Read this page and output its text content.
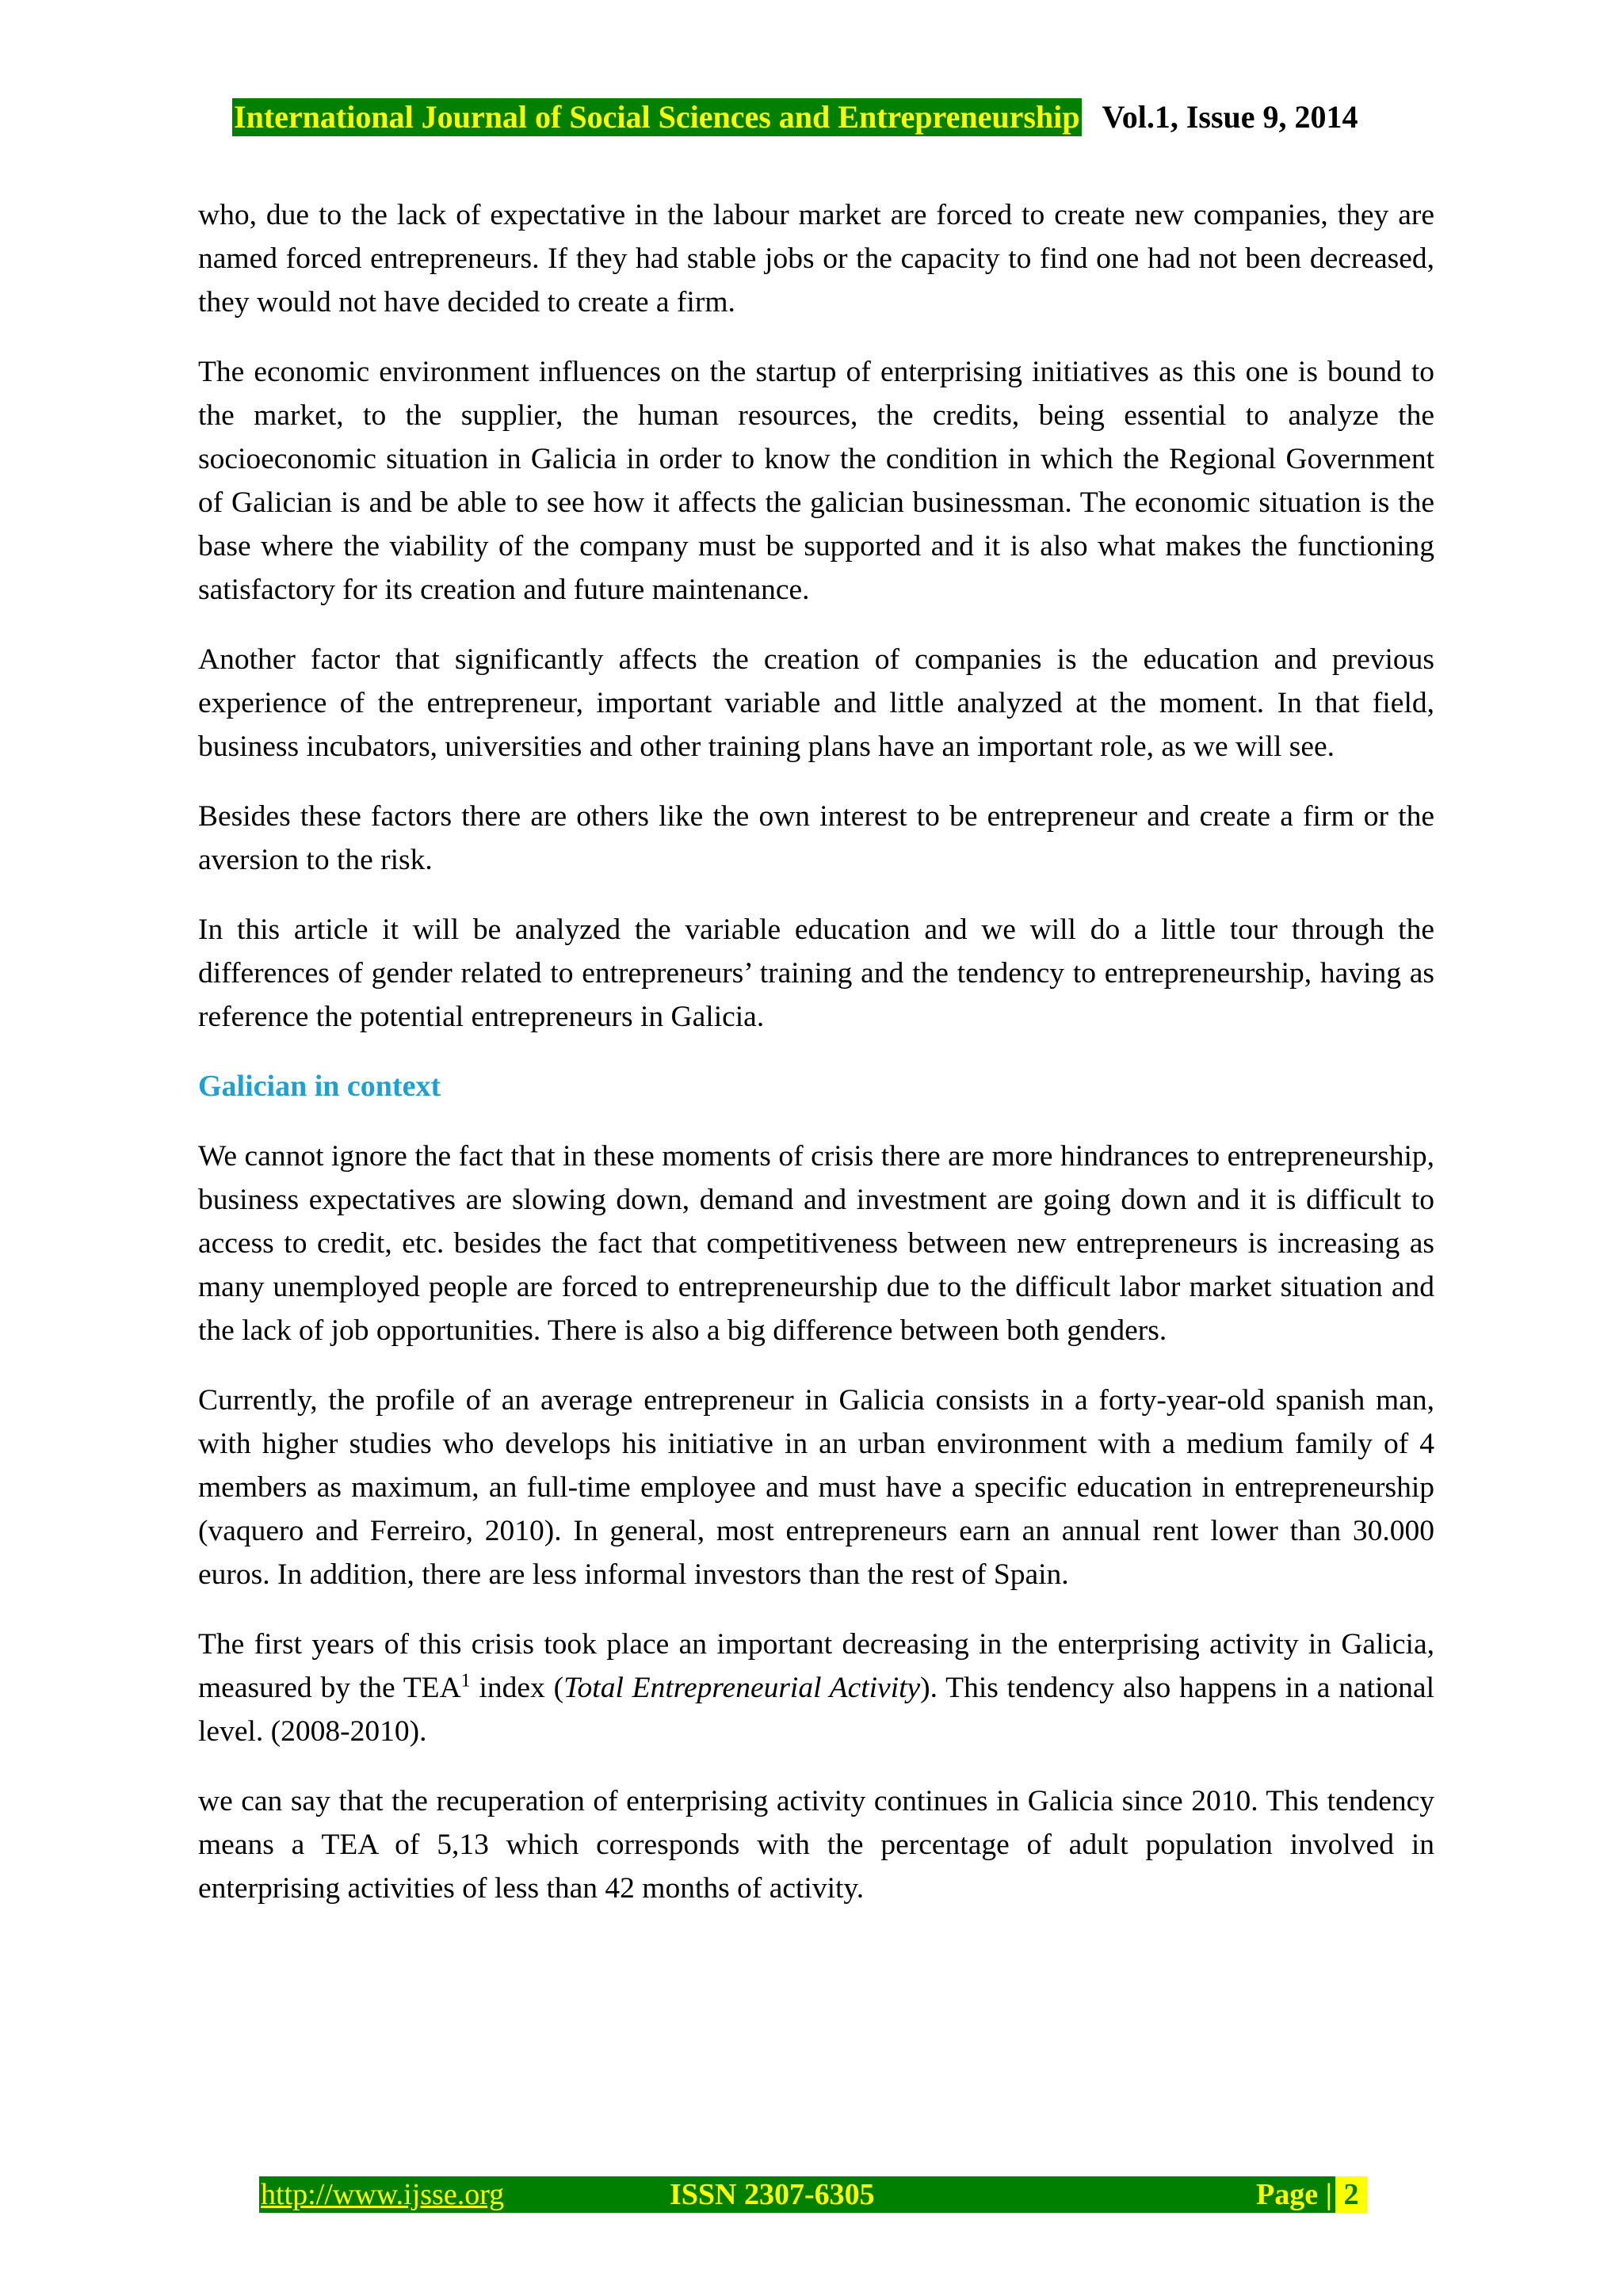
International Journal of Social Sciences and Entrepreneurship Vol.1, Issue 9, 2014

who, due to the lack of expectative in the labour market are forced to create new companies, they are named forced entrepreneurs. If they had stable jobs or the capacity to find one had not been decreased, they would not have decided to create a firm.

The economic environment influences on the startup of enterprising initiatives as this one is bound to the market, to the supplier, the human resources, the credits, being essential to analyze the socioeconomic situation in Galicia in order to know the condition in which the Regional Government of Galician is and be able to see how it affects the galician businessman. The economic situation is the base where the viability of the company must be supported and it is also what makes the functioning satisfactory for its creation and future maintenance.

Another factor that significantly affects the creation of companies is the education and previous experience of the entrepreneur, important variable and little analyzed at the moment. In that field, business incubators, universities and other training plans have an important role, as we will see.

Besides these factors there are others like the own interest to be entrepreneur and create a firm or the aversion to the risk.

In this article it will be analyzed the variable education and we will do a little tour through the differences of gender related to entrepreneurs’ training and the tendency to entrepreneurship, having as reference the potential entrepreneurs in Galicia.

Galician in context

We cannot ignore the fact that in these moments of crisis there are more hindrances to entrepreneurship, business expectatives are slowing down, demand and investment are going down and it is difficult to access to credit, etc. besides the fact that competitiveness between new entrepreneurs is increasing as many unemployed people are forced to entrepreneurship due to the difficult labor market situation and the lack of job opportunities. There is also a big difference between both genders.

Currently, the profile of an average entrepreneur in Galicia consists in a forty-year-old spanish man, with higher studies who develops his initiative in an urban environment with a medium family of 4 members as maximum, an full-time employee and must have a specific education in entrepreneurship (vaquero and Ferreiro, 2010). In general, most entrepreneurs earn an annual rent lower than 30.000 euros. In addition, there are less informal investors than the rest of Spain.

The first years of this crisis took place an important decreasing in the enterprising activity in Galicia, measured by the TEA$^1$ index (Total Entrepreneurial Activity). This tendency also happens in a national level. (2008-2010).

we can say that the recuperation of enterprising activity continues in Galicia since 2010. This tendency means a TEA of 5,13 which corresponds with the percentage of adult population involved in enterprising activities of less than 42 months of activity.

http://www.ijsse.org	ISSN 2307-6305	Page | 2
